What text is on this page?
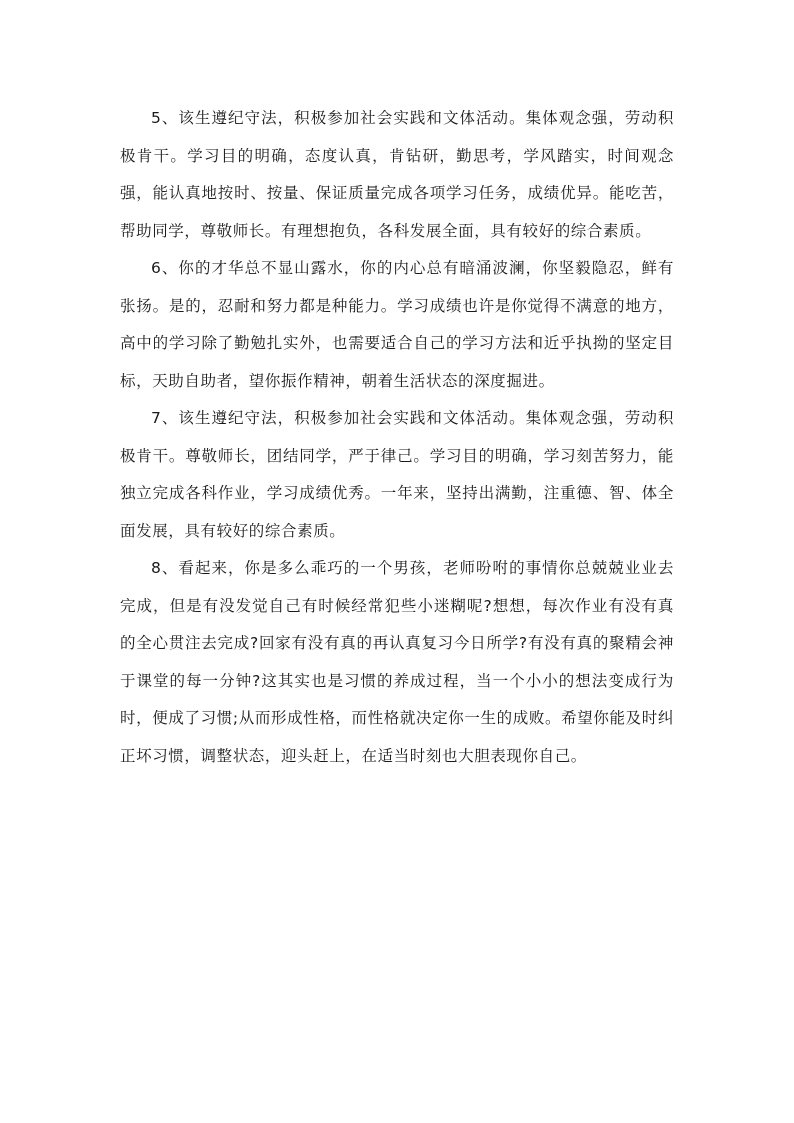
5、该生遵纪守法，积极参加社会实践和文体活动。集体观念强，劳动积极肯干。学习目的明确，态度认真，肯钻研，勤思考，学风踏实，时间观念强，能认真地按时、按量、保证质量完成各项学习任务，成绩优异。能吃苦，帮助同学，尊敬师长。有理想抱负，各科发展全面，具有较好的综合素质。

6、你的才华总不显山露水，你的内心总有暗涌波澜，你坚毅隐忍，鲜有张扬。是的，忍耐和努力都是种能力。学习成绩也许是你觉得不满意的地方，高中的学习除了勤勉扎实外，也需要适合自己的学习方法和近乎执拗的坚定目标，天助自助者，望你振作精神，朝着生活状态的深度掘进。

7、该生遵纪守法，积极参加社会实践和文体活动。集体观念强，劳动积极肯干。尊敬师长，团结同学，严于律己。学习目的明确，学习刻苦努力，能独立完成各科作业，学习成绩优秀。一年来，坚持出满勤，注重德、智、体全面发展，具有较好的综合素质。

8、看起来，你是多么乖巧的一个男孩，老师吩咐的事情你总兢兢业业去完成，但是有没发觉自己有时候经常犯些小迷糊呢?想想，每次作业有没有真的全心贯注去完成?回家有没有真的再认真复习今日所学?有没有真的聚精会神于课堂的每一分钟?这其实也是习惯的养成过程，当一个小小的想法变成行为时，便成了习惯;从而形成性格，而性格就决定你一生的成败。希望你能及时纠正坏习惯，调整状态，迎头赶上，在适当时刻也大胆表现你自己。
